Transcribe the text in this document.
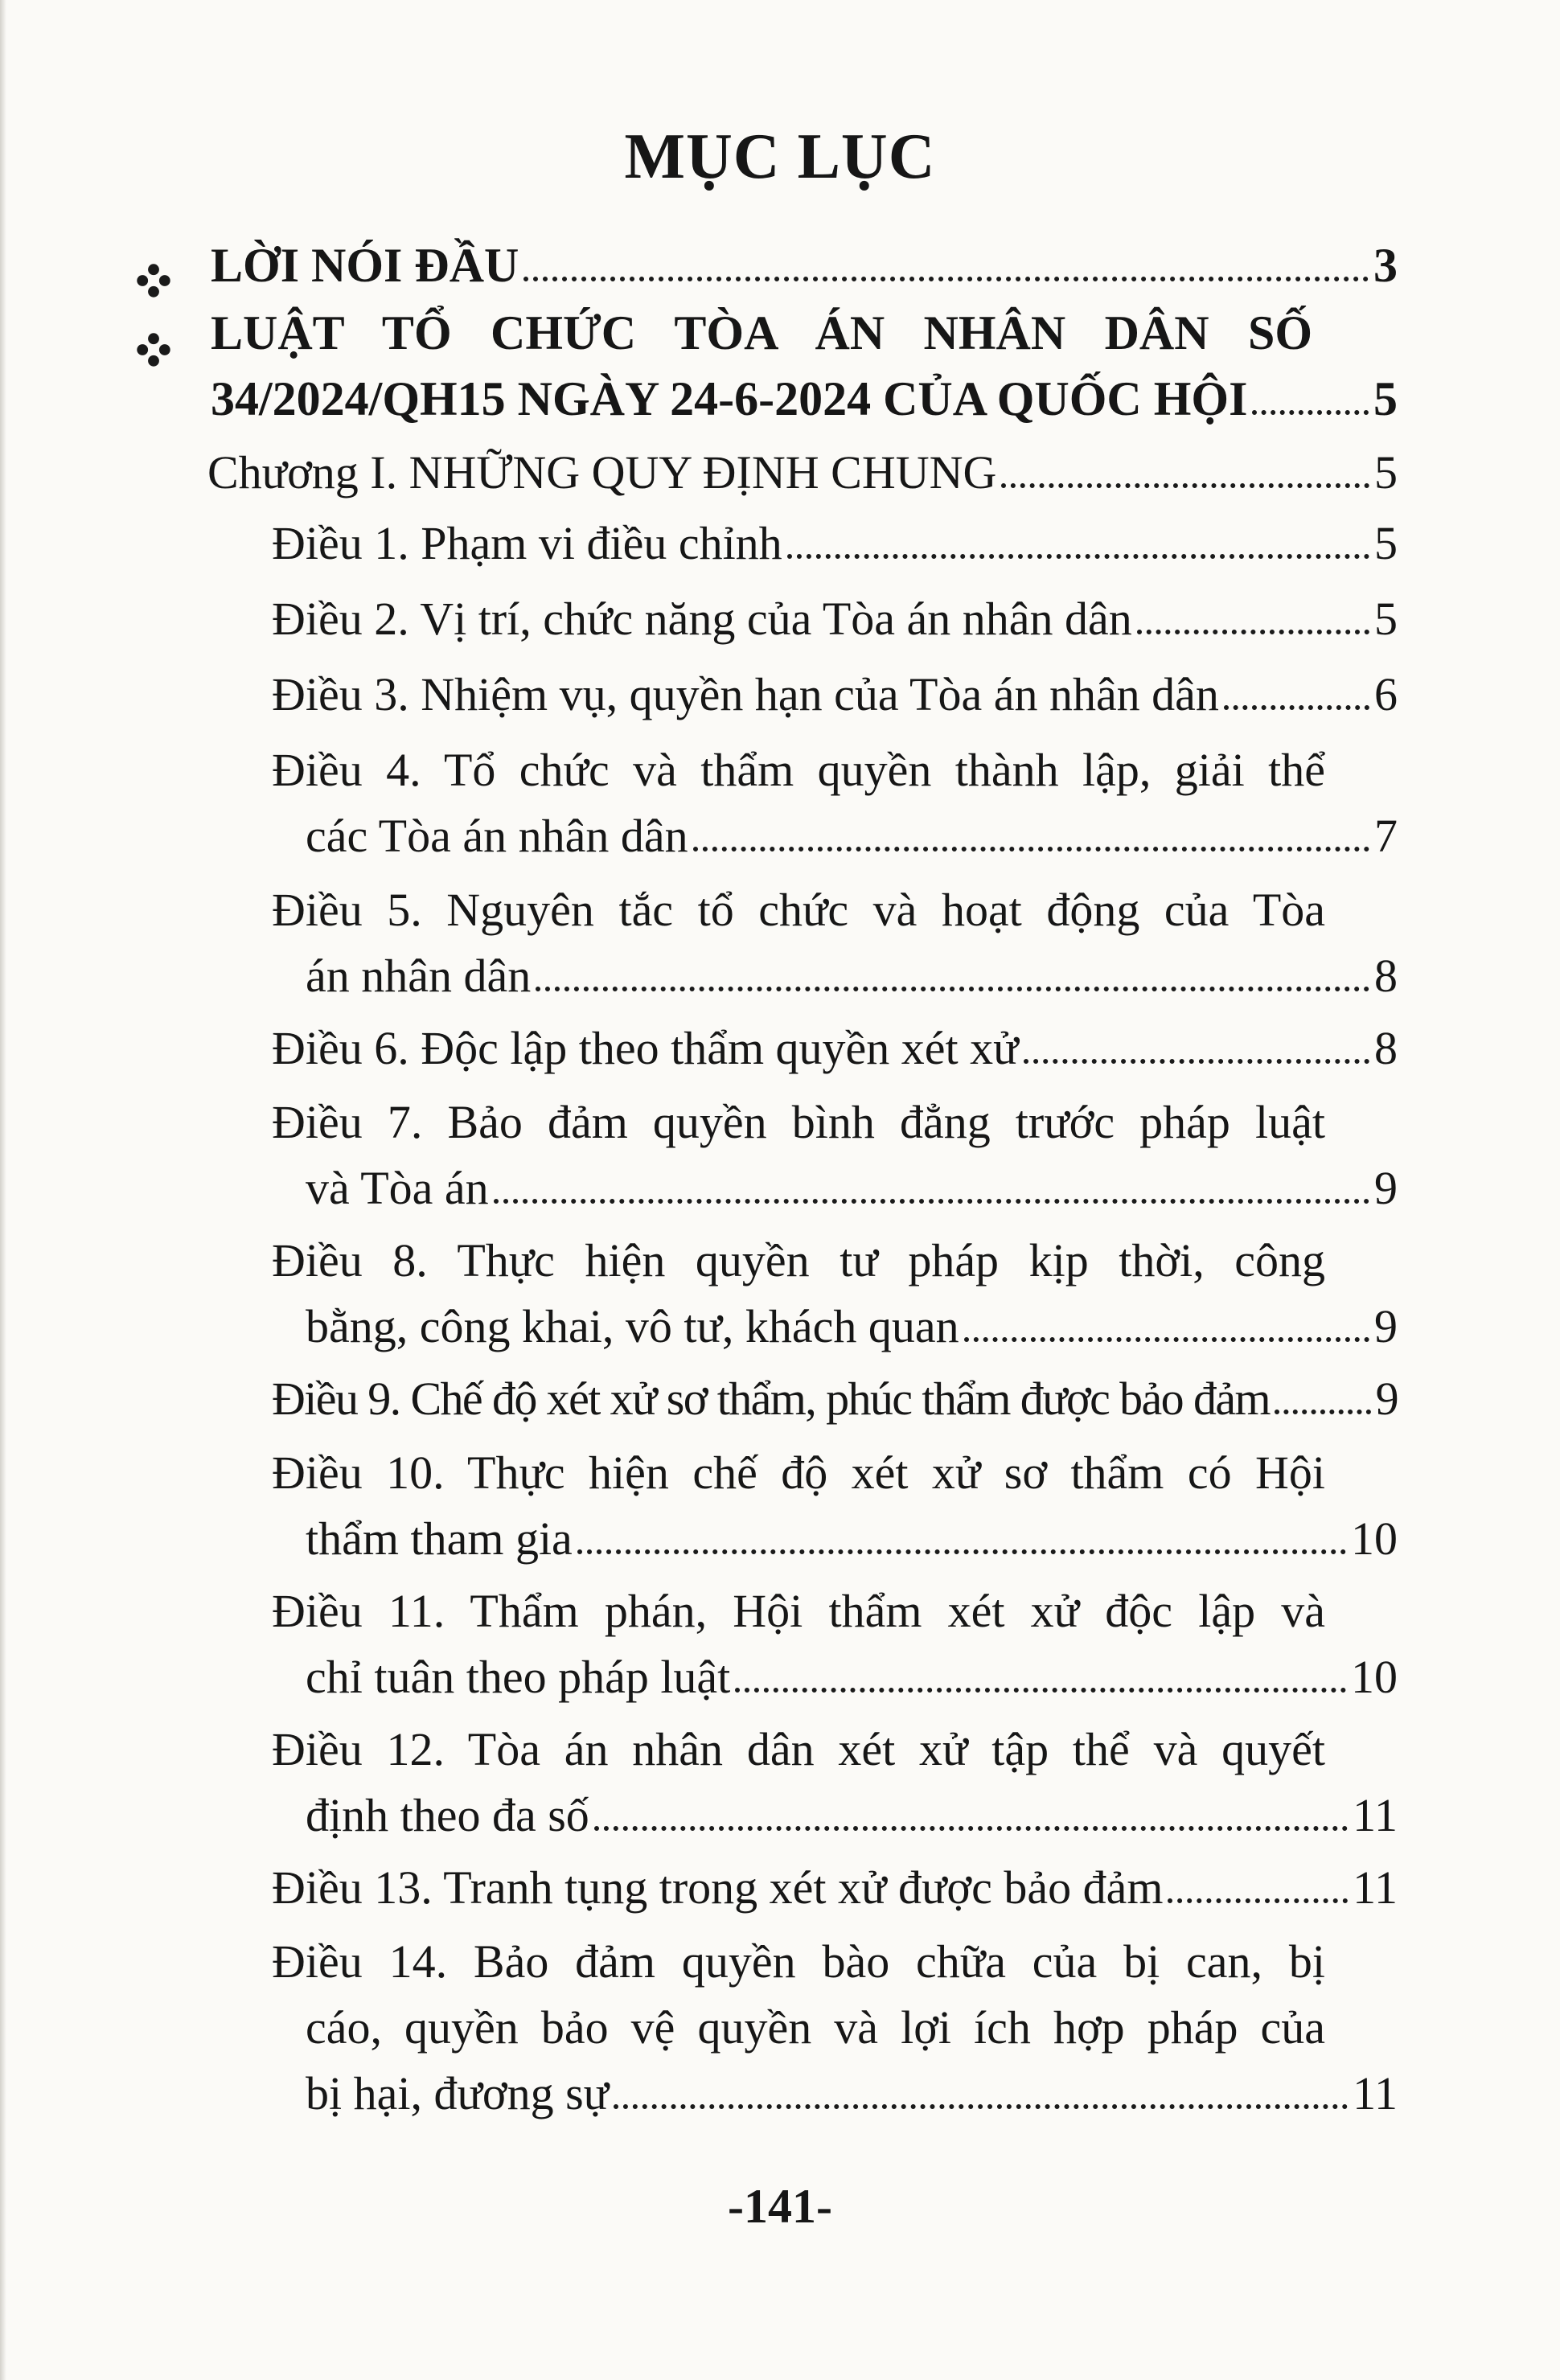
MỤC LỤC
LỜI NÓI ĐẦU	3
LUẬT TỔ CHỨC TÒA ÁN NHÂN DÂN SỐ
34/2024/QH15 NGÀY 24-6-2024 CỦA QUỐC HỘI	5
Chương I. NHỮNG QUY ĐỊNH CHUNG	5
Điều 1. Phạm vi điều chỉnh	5
Điều 2. Vị trí, chức năng của Tòa án nhân dân	5
Điều 3. Nhiệm vụ, quyền hạn của Tòa án nhân dân	6
Điều 4. Tổ chức và thẩm quyền thành lập, giải thể
các Tòa án nhân dân	7
Điều 5. Nguyên tắc tổ chức và hoạt động của Tòa
án nhân dân	8
Điều 6. Độc lập theo thẩm quyền xét xử	8
Điều 7. Bảo đảm quyền bình đẳng trước pháp luật
và Tòa án	9
Điều 8. Thực hiện quyền tư pháp kịp thời, công
bằng, công khai, vô tư, khách quan	9
Điều 9. Chế độ xét xử sơ thẩm, phúc thẩm được bảo đảm 9
Điều 10. Thực hiện chế độ xét xử sơ thẩm có Hội
thẩm tham gia	10
Điều 11. Thẩm phán, Hội thẩm xét xử độc lập và
chỉ tuân theo pháp luật	10
Điều 12. Tòa án nhân dân xét xử tập thể và quyết
định theo đa số	11
Điều 13. Tranh tụng trong xét xử được bảo đảm	11
Điều 14. Bảo đảm quyền bào chữa của bị can, bị
cáo, quyền bảo vệ quyền và lợi ích hợp pháp của
bị hại, đương sự	11
-141-
